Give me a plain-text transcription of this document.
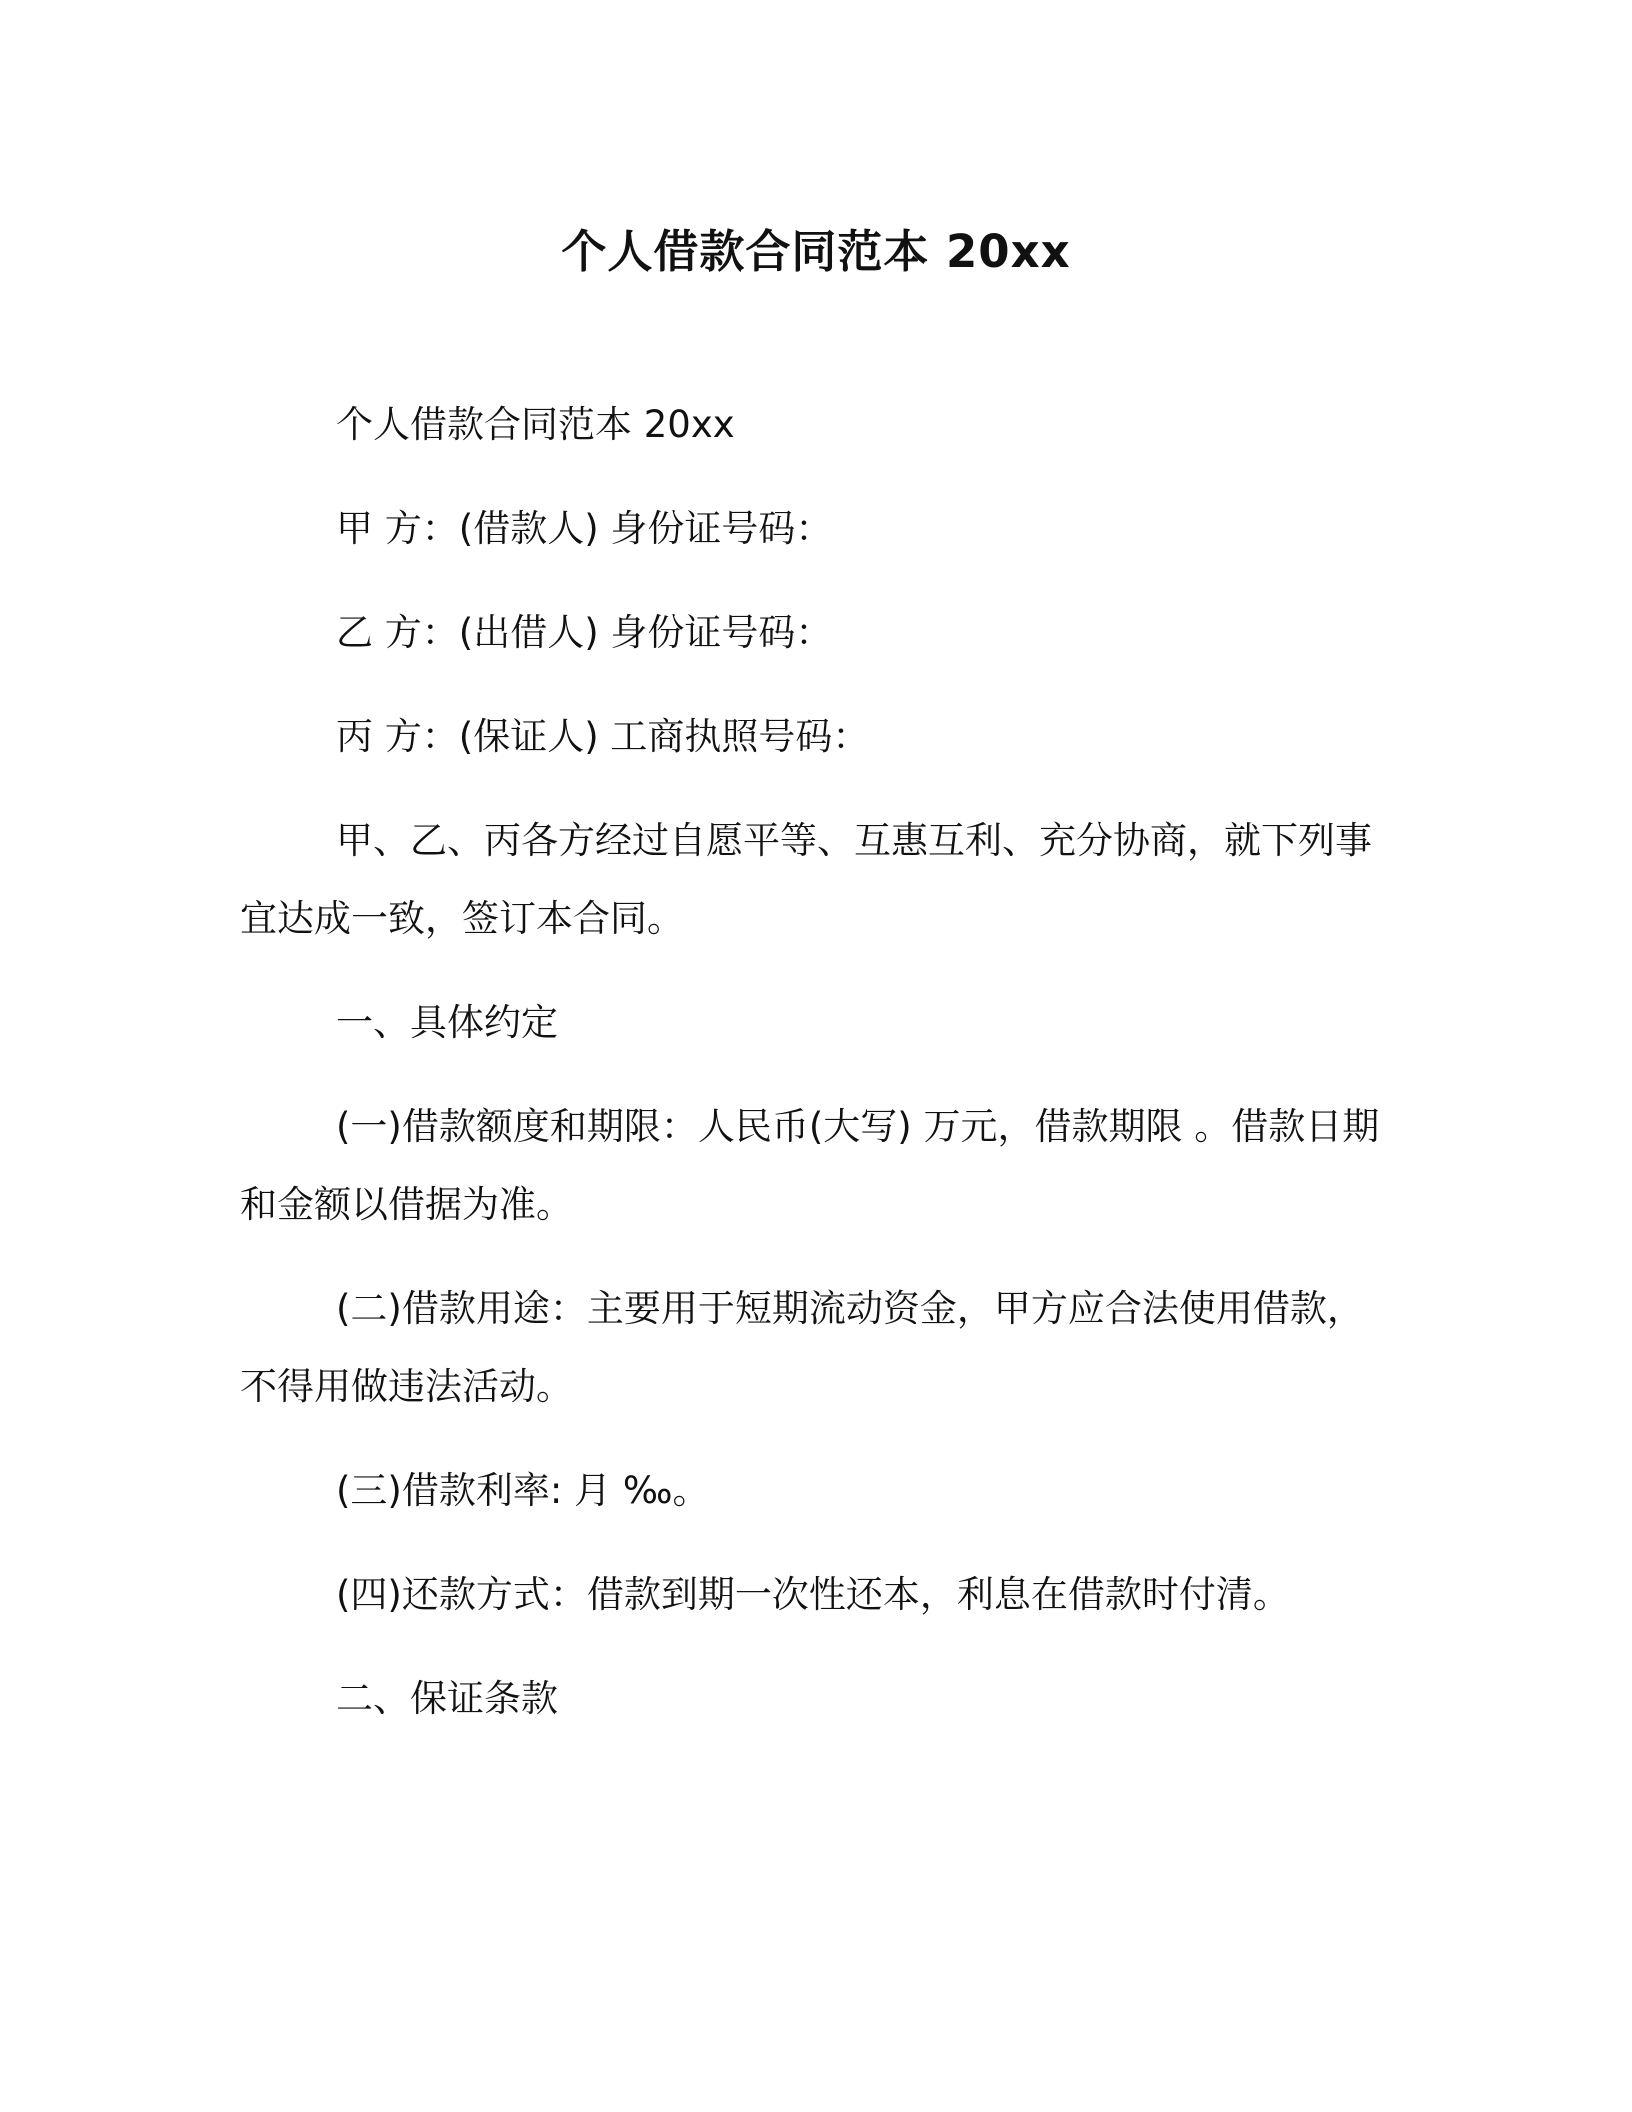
个人借款合同范本 20xx

个人借款合同范本 20xx

甲 方：(借款人) 身份证号码：

乙 方：(出借人) 身份证号码：

丙 方：(保证人) 工商执照号码：

甲、乙、丙各方经过自愿平等、互惠互利、充分协商，就下列事宜达成一致，签订本合同。

一、具体约定

(一)借款额度和期限：人民币(大写) 万元，借款期限 。借款日期和金额以借据为准。

(二)借款用途：主要用于短期流动资金，甲方应合法使用借款，不得用做违法活动。

(三)借款利率: 月 ‰。

(四)还款方式：借款到期一次性还本，利息在借款时付清。

二、保证条款
